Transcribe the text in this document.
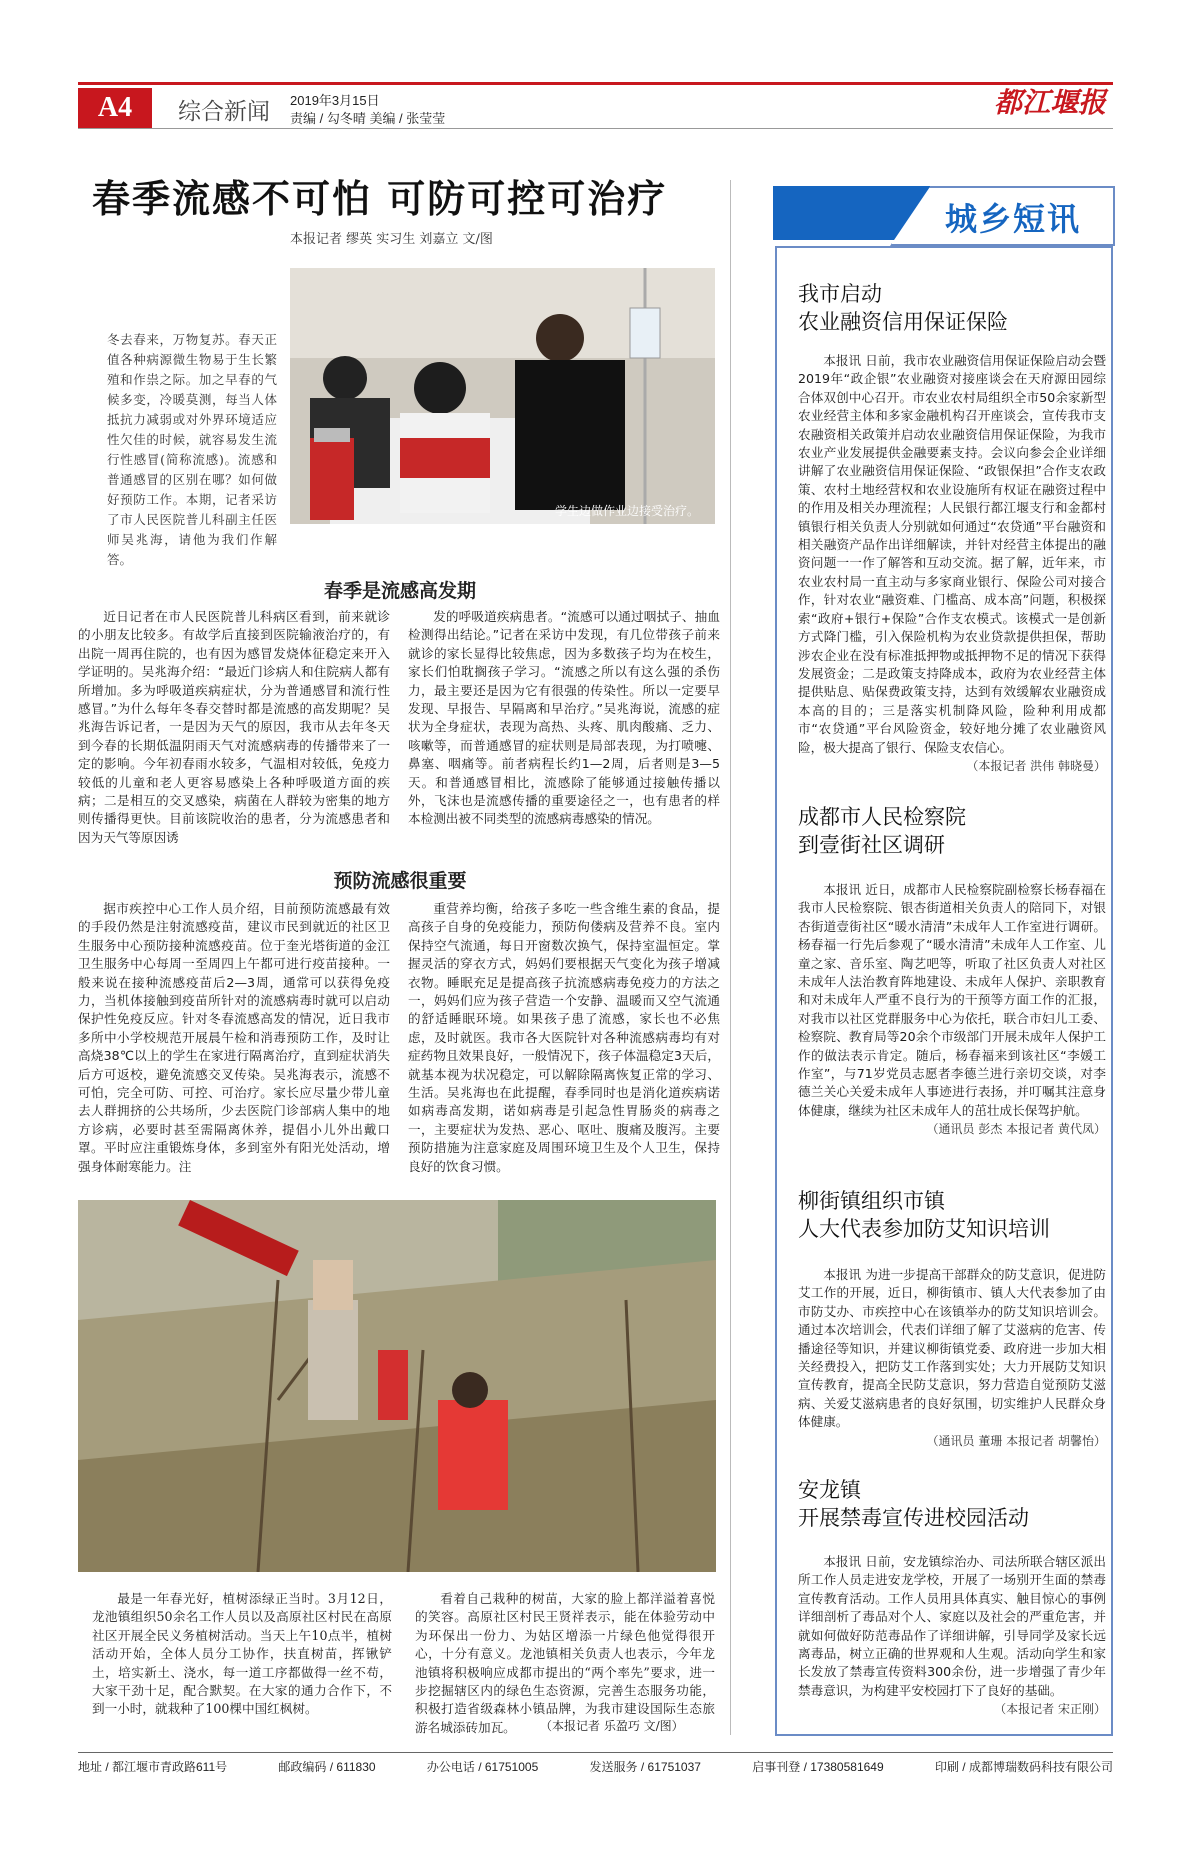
A4	综合新闻 2019年3月15日
责编 / 勾冬晴 美编 / 张莹莹	都江堰报
春季流感不可怕 可防可控可治疗
本报记者 缪英 实习生 刘嘉立 文/图
冬去春来，万物复苏。春天正值各种病源微生物易于生长繁殖和作祟之际。加之早春的气候多变，冷暖莫测，每当人体抵抗力减弱或对外界环境适应性欠佳的时候，就容易发生流行性感冒(简称流感)。流感和普通感冒的区别在哪？如何做好预防工作。本期，记者采访了市人民医院普儿科副主任医师吴兆海，请他为我们作解答。
学生边做作业边接受治疗。
春季是流感高发期
近日记者在市人民医院普儿科病区看到，前来就诊的小朋友比较多。有故学后直接到医院输液治疗的，有出院一周再住院的，也有因为感冒发烧体征稳定来开入学证明的。吴兆海介绍：“最近门诊病人和住院病人都有所增加。多为呼吸道疾病症状，分为普通感冒和流行性感冒。”为什么每年冬春交替时都是流感的高发期呢？吴兆海告诉记者，一是因为天气的原因，我市从去年冬天到今春的长期低温阴雨天气对流感病毒的传播带来了一定的影响。今年初春雨水较多，气温相对较低，免疫力较低的儿童和老人更容易感染上各种呼吸道方面的疾病；二是相互的交叉感染，病菌在人群较为密集的地方则传播得更快。目前该院收治的患者，分为流感患者和因为天气等原因诱
发的呼吸道疾病患者。“流感可以通过咽拭子、抽血检测得出结论。”记者在采访中发现，有几位带孩子前来就诊的家长显得比较焦虑，因为多数孩子均为在校生，家长们怕耽搁孩子学习。“流感之所以有这么强的杀伤力，最主要还是因为它有很强的传染性。所以一定要早发现、早报告、早隔离和早治疗。”吴兆海说，流感的症状为全身症状，表现为高热、头疼、肌肉酸痛、乏力、咳嗽等，而普通感冒的症状则是局部表现，为打喷嚏、鼻塞、咽痛等。前者病程长约1—2周，后者则是3—5天。和普通感冒相比，流感除了能够通过接触传播以外，飞沫也是流感传播的重要途径之一，也有患者的样本检测出被不同类型的流感病毒感染的情况。
预防流感很重要
据市疾控中心工作人员介绍，目前预防流感最有效的手段仍然是注射流感疫苗，建议市民到就近的社区卫生服务中心预防接种流感疫苗。位于奎光塔街道的金江卫生服务中心每周一至周四上午都可进行疫苗接种。一般来说在接种流感疫苗后2—3周，通常可以获得免疫力，当机体接触到疫苗所针对的流感病毒时就可以启动保护性免疫反应。针对冬春流感高发的情况，近日我市多所中小学校规范开展晨午检和消毒预防工作，及时让高烧38℃以上的学生在家进行隔离治疗，直到症状消失后方可返校，避免流感交叉传染。吴兆海表示，流感不可怕，完全可防、可控、可治疗。家长应尽量少带儿童去人群拥挤的公共场所，少去医院门诊部病人集中的地方诊病，必要时甚至需隔离休养，提倡小儿外出戴口罩。平时应注重锻炼身体，多到室外有阳光处活动，增强身体耐寒能力。注
重营养均衡，给孩子多吃一些含维生素的食品，提高孩子自身的免疫能力，预防佝偻病及营养不良。室内保持空气流通，每日开窗数次换气，保持室温恒定。掌握灵活的穿衣方式，妈妈们要根据天气变化为孩子增减衣物。睡眠充足是提高孩子抗流感病毒免疫力的方法之一，妈妈们应为孩子营造一个安静、温暖而又空气流通的舒适睡眠环境。如果孩子患了流感，家长也不必焦虑，及时就医。我市各大医院针对各种流感病毒均有对症药物且效果良好，一般情况下，孩子体温稳定3天后，就基本视为状况稳定，可以解除隔离恢复正常的学习、生活。吴兆海也在此提醒，春季同时也是消化道疾病诺如病毒高发期，诺如病毒是引起急性胃肠炎的病毒之一，主要症状为发热、恶心、呕吐、腹痛及腹泻。主要预防措施为注意家庭及周围环境卫生及个人卫生，保持良好的饮食习惯。
最是一年春光好，植树添绿正当时。3月12日，龙池镇组织50余名工作人员以及高原社区村民在高原社区开展全民义务植树活动。当天上午10点半，植树活动开始，全体人员分工协作，扶直树苗，挥锹铲土，培实新土、浇水，每一道工序都做得一丝不苟，大家干劲十足，配合默契。在大家的通力合作下，不到一小时，就栽种了100棵中国红枫树。
看着自己栽种的树苗，大家的脸上都洋溢着喜悦的笑容。高原社区村民王贤祥表示，能在体验劳动中为环保出一份力、为姑区增添一片绿色他觉得很开心，十分有意义。龙池镇相关负责人也表示，今年龙池镇将积极响应成都市提出的“两个率先”要求，进一步挖掘辖区内的绿色生态资源，完善生态服务功能，积极打造省级森林小镇品牌，为我市建设国际生态旅游名城添砖加瓦。	（本报记者 乐盈巧 文/图）
城乡短讯
我市启动
农业融资信用保证保险
本报讯 日前，我市农业融资信用保证保险启动会暨2019年“政企银”农业融资对接座谈会在天府源田园综合体双创中心召开。市农业农村局组织全市50余家新型农业经营主体和多家金融机构召开座谈会，宣传我市支农融资相关政策并启动农业融资信用保证保险，为我市农业产业发展提供金融要素支持。会议向参会企业详细讲解了农业融资信用保证保险、“政银保担”合作支农政策、农村土地经营权和农业设施所有权证在融资过程中的作用及相关办理流程；人民银行都江堰支行和金都村镇银行相关负责人分别就如何通过“农贷通”平台融资和相关融资产品作出详细解读，并针对经营主体提出的融资问题一一作了解答和互动交流。据了解，近年来，市农业农村局一直主动与多家商业银行、保险公司对接合作，针对农业“融资难、门槛高、成本高”问题，积极探索“政府+银行+保险”合作支农模式。该模式一是创新方式降门槛，引入保险机构为农业贷款提供担保，帮助涉农企业在没有标准抵押物或抵押物不足的情况下获得发展资金；二是政策支持降成本，政府为农业经营主体提供贴息、贴保费政策支持，达到有效缓解农业融资成本高的目的；三是落实机制降风险，险种利用成都市“农贷通”平台风险资金，较好地分摊了农业融资风险，极大提高了银行、保险支农信心。
（本报记者 洪伟 韩晓曼）
成都市人民检察院
到壹街社区调研
本报讯 近日，成都市人民检察院副检察长杨春福在我市人民检察院、银杏街道相关负责人的陪同下，对银杏街道壹街社区“暖水清清”未成年人工作室进行调研。杨春福一行先后参观了“暖水清清”未成年人工作室、儿童之家、音乐室、陶艺吧等，听取了社区负责人对社区未成年人法治教育阵地建设、未成年人保护、亲职教育和对未成年人严重不良行为的干预等方面工作的汇报，对我市以社区党群服务中心为依托，联合市妇儿工委、检察院、教育局等20余个市级部门开展未成年人保护工作的做法表示肯定。随后，杨春福来到该社区“李媛工作室”，与71岁党员志愿者李德兰进行亲切交谈，对李德兰关心关爱未成年人事迹进行表扬，并叮嘱其注意身体健康，继续为社区未成年人的茁壮成长保驾护航。
（通讯员 彭杰 本报记者 黄代凤）
柳街镇组织市镇
人大代表参加防艾知识培训
本报讯 为进一步提高干部群众的防艾意识，促进防艾工作的开展，近日，柳街镇市、镇人大代表参加了由市防艾办、市疾控中心在该镇举办的防艾知识培训会。通过本次培训会，代表们详细了解了艾滋病的危害、传播途径等知识，并建议柳街镇党委、政府进一步加大相关经费投入，把防艾工作落到实处；大力开展防艾知识宣传教育，提高全民防艾意识，努力营造自觉预防艾滋病、关爱艾滋病患者的良好氛围，切实维护人民群众身体健康。
（通讯员 董珊 本报记者 胡馨怡）
安龙镇
开展禁毒宣传进校园活动
本报讯 日前，安龙镇综治办、司法所联合辖区派出所工作人员走进安龙学校，开展了一场别开生面的禁毒宣传教育活动。工作人员用具体真实、触目惊心的事例详细剖析了毒品对个人、家庭以及社会的严重危害，并就如何做好防范毒品作了详细讲解，引导同学及家长远离毒品，树立正确的世界观和人生观。活动向学生和家长发放了禁毒宣传资料300余份，进一步增强了青少年禁毒意识，为构建平安校园打下了良好的基础。
（本报记者 宋正刚）
地址 / 都江堰市青政路611号	邮政编码 / 611830	办公电话 / 61751005	发送服务 / 61751037	启事刊登 / 17380581649	印刷 / 成都博瑞数码科技有限公司
